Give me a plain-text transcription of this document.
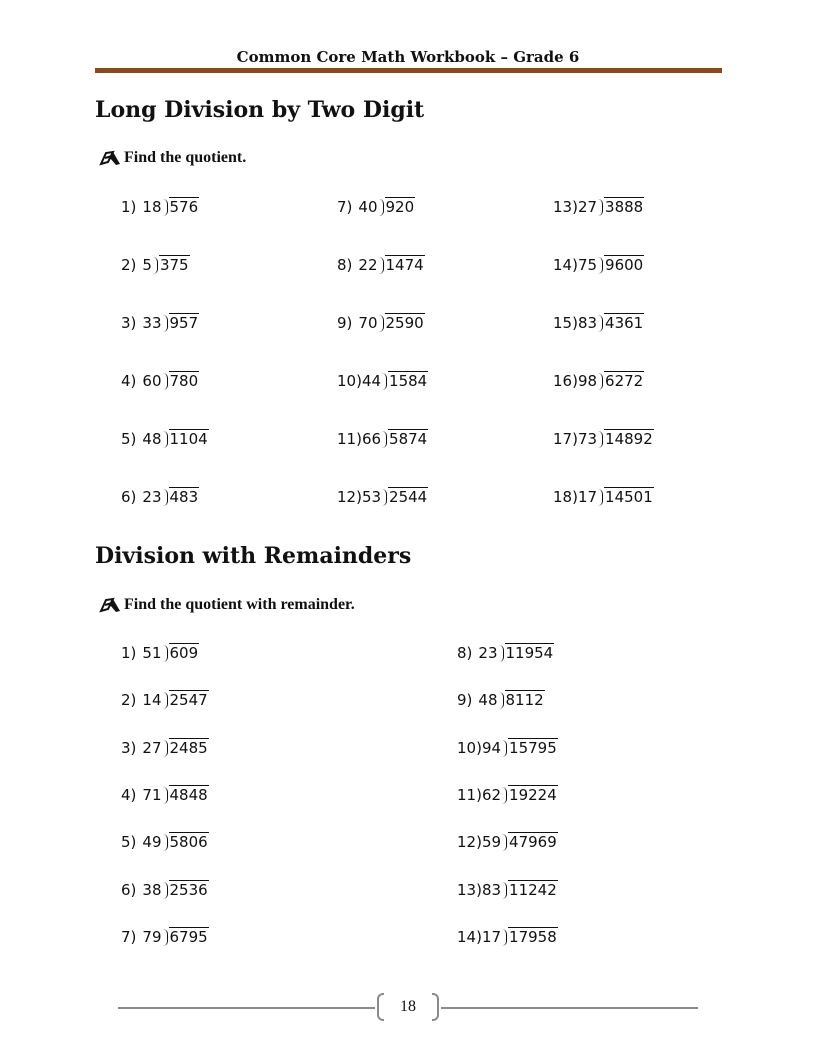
Common Core Math Workbook – Grade 6
Long Division by Two Digit
Find the quotient.
1) 18 576
2) 5 375
3) 33 957
4) 60 780
5) 48 1104
6) 23 483
7) 40 920
8) 22 1474
9) 70 2590
10) 44 1584
11) 66 5874
12) 53 2544
13) 27 3888
14) 75 9600
15) 83 4361
16) 98 6272
17) 73 14892
18) 17 14501
Division with Remainders
Find the quotient with remainder.
1) 51 609
2) 14 2547
3) 27 2485
4) 71 4848
5) 49 5806
6) 38 2536
7) 79 6795
8) 23 11954
9) 48 8112
10) 94 15795
11) 62 19224
12) 59 47969
13) 83 11242
14) 17 17958
18
